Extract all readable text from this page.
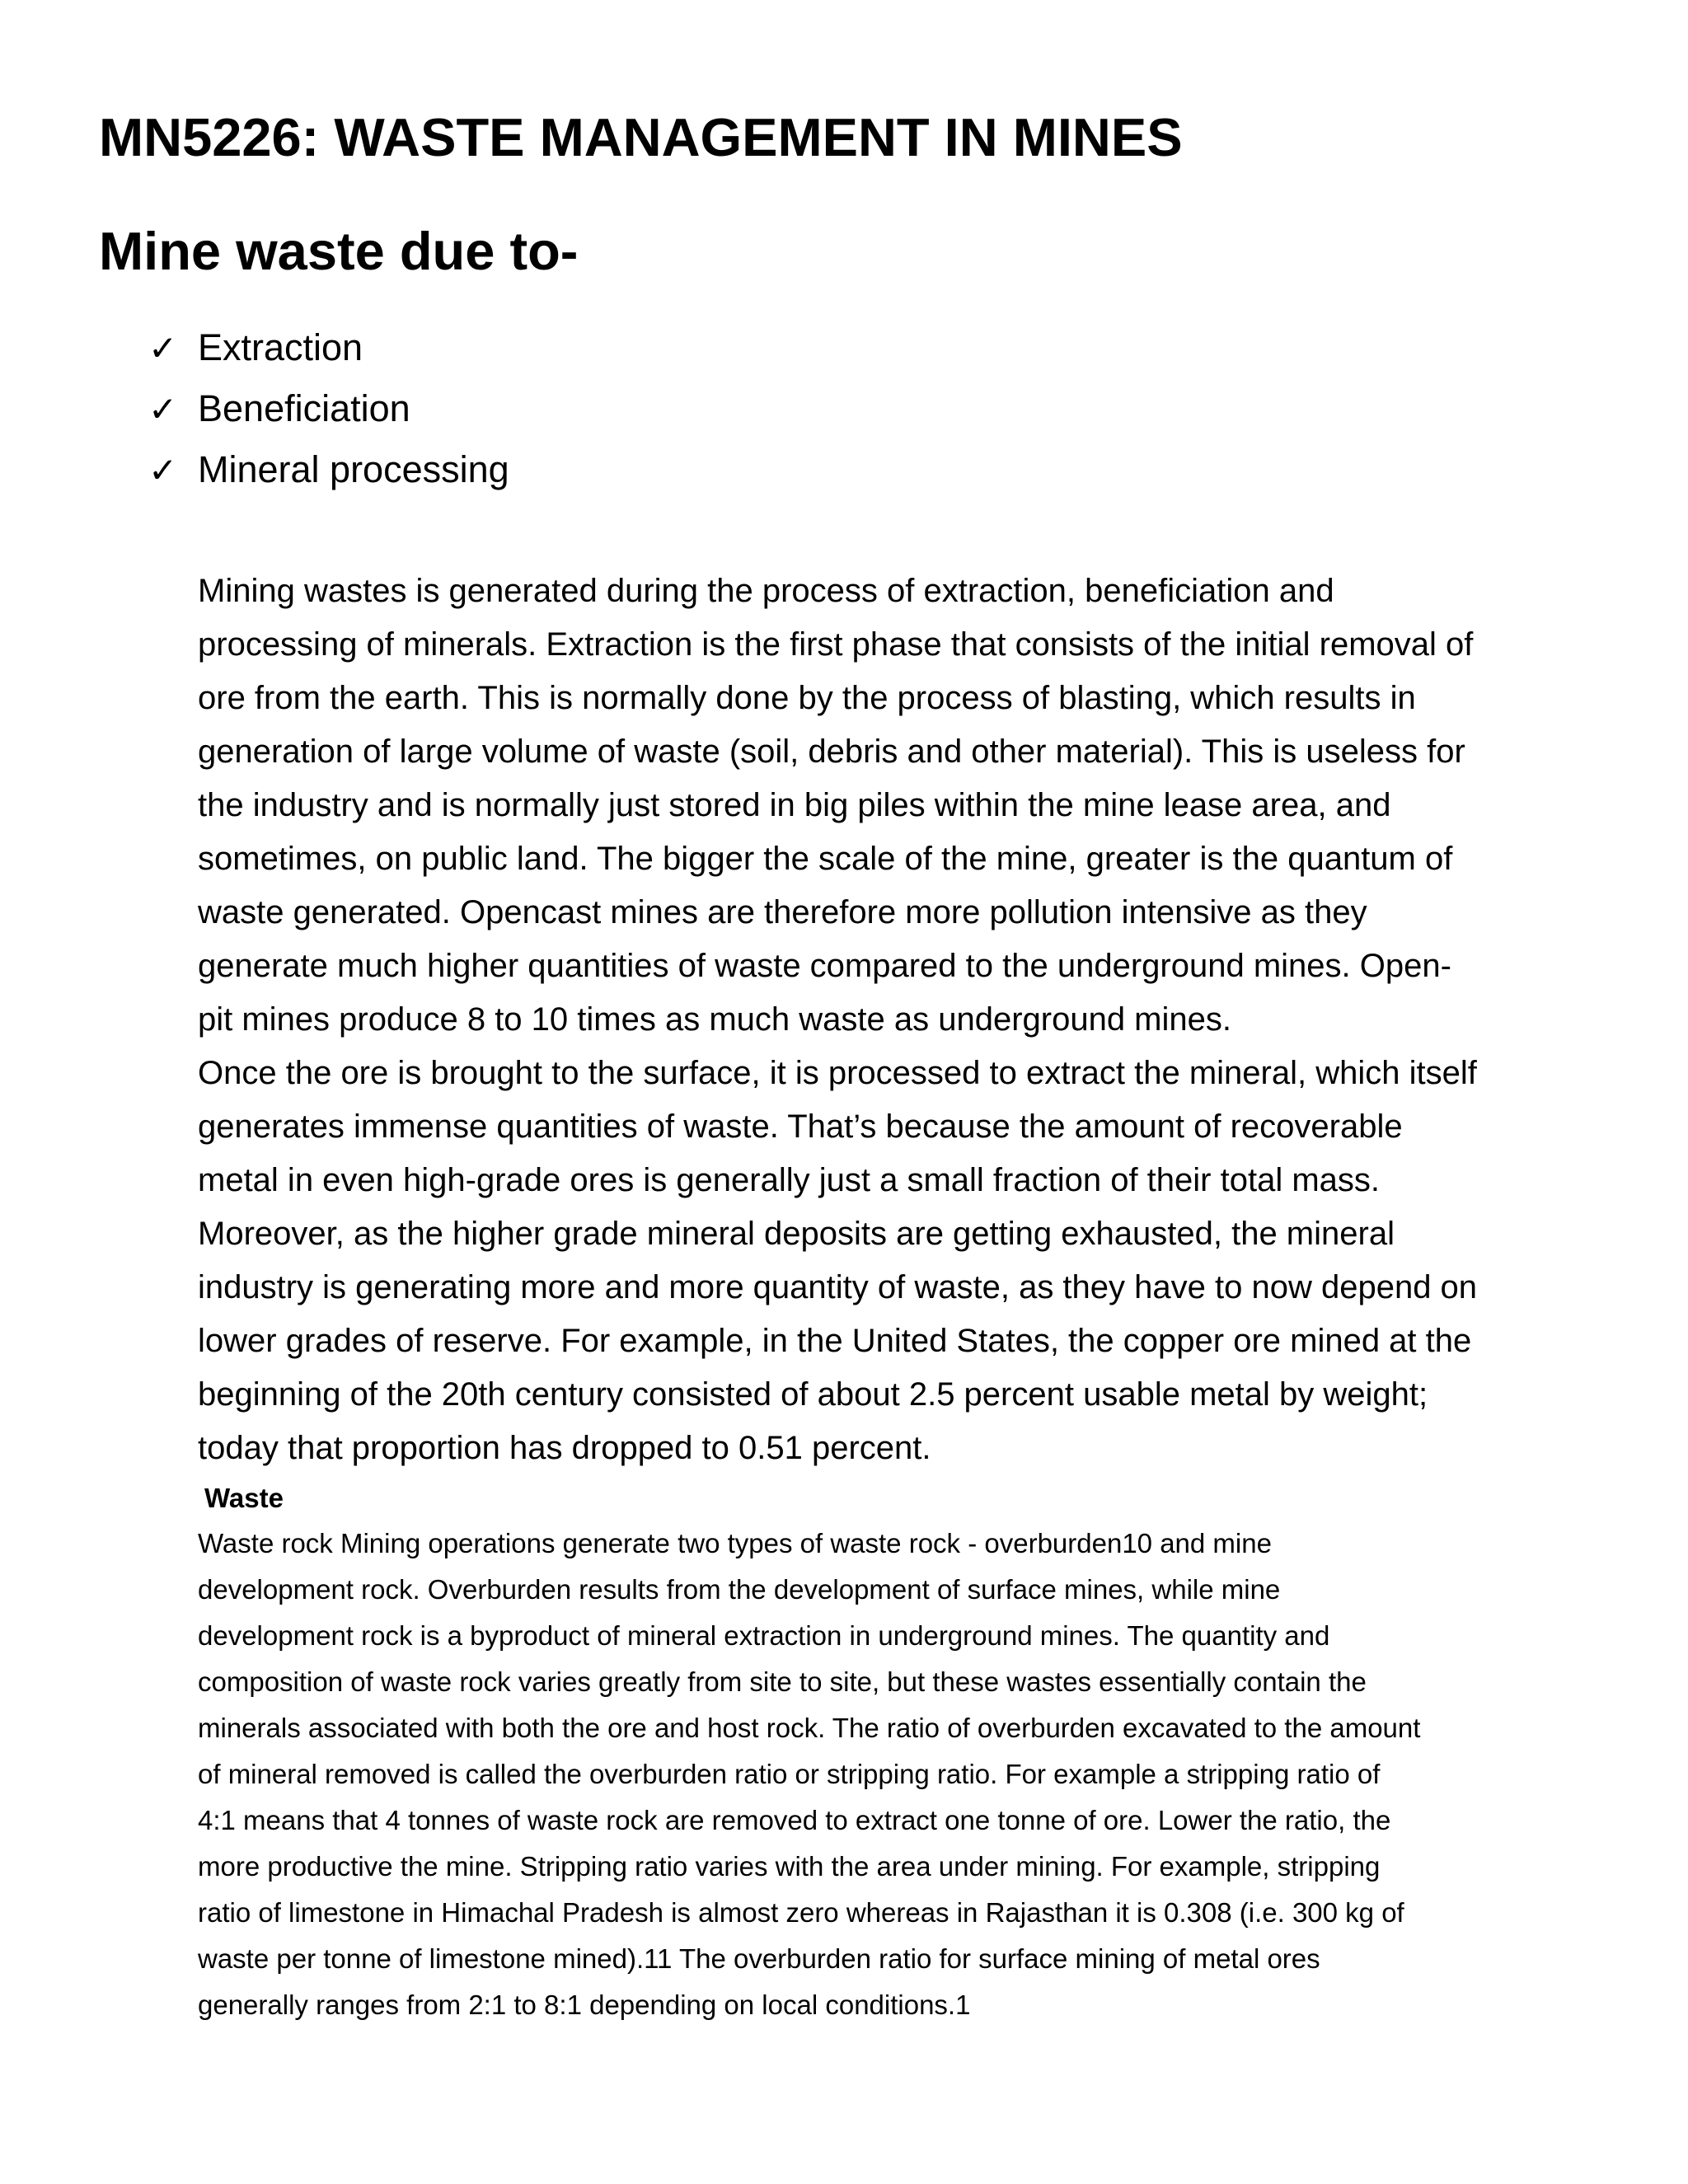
MN5226: WASTE MANAGEMENT IN MINES
Mine waste due to-
✓ Extraction
✓ Beneficiation
✓ Mineral processing
Mining wastes is generated during the process of extraction, beneficiation and
processing of minerals. Extraction is the first phase that consists of the initial removal of
ore from the earth. This is normally done by the process of blasting, which results in
generation of large volume of waste (soil, debris and other material). This is useless for
the industry and is normally just stored in big piles within the mine lease area, and
sometimes, on public land. The bigger the scale of the mine, greater is the quantum of
waste generated. Opencast mines are therefore more pollution intensive as they
generate much higher quantities of waste compared to the underground mines. Open-
pit mines produce 8 to 10 times as much waste as underground mines.
Once the ore is brought to the surface, it is processed to extract the mineral, which itself
generates immense quantities of waste. That’s because the amount of recoverable
metal in even high-grade ores is generally just a small fraction of their total mass.
Moreover, as the higher grade mineral deposits are getting exhausted, the mineral
industry is generating more and more quantity of waste, as they have to now depend on
lower grades of reserve. For example, in the United States, the copper ore mined at the
beginning of the 20th century consisted of about 2.5 percent usable metal by weight;
today that proportion has dropped to 0.51 percent.
Waste
Waste rock Mining operations generate two types of waste rock - overburden10 and mine
development rock. Overburden results from the development of surface mines, while mine
development rock is a byproduct of mineral extraction in underground mines. The quantity and
composition of waste rock varies greatly from site to site, but these wastes essentially contain the
minerals associated with both the ore and host rock. The ratio of overburden excavated to the amount
of mineral removed is called the overburden ratio or stripping ratio. For example a stripping ratio of
4:1 means that 4 tonnes of waste rock are removed to extract one tonne of ore. Lower the ratio, the
more productive the mine. Stripping ratio varies with the area under mining. For example, stripping
ratio of limestone in Himachal Pradesh is almost zero whereas in Rajasthan it is 0.308 (i.e. 300 kg of
waste per tonne of limestone mined).11 The overburden ratio for surface mining of metal ores
generally ranges from 2:1 to 8:1 depending on local conditions.1
